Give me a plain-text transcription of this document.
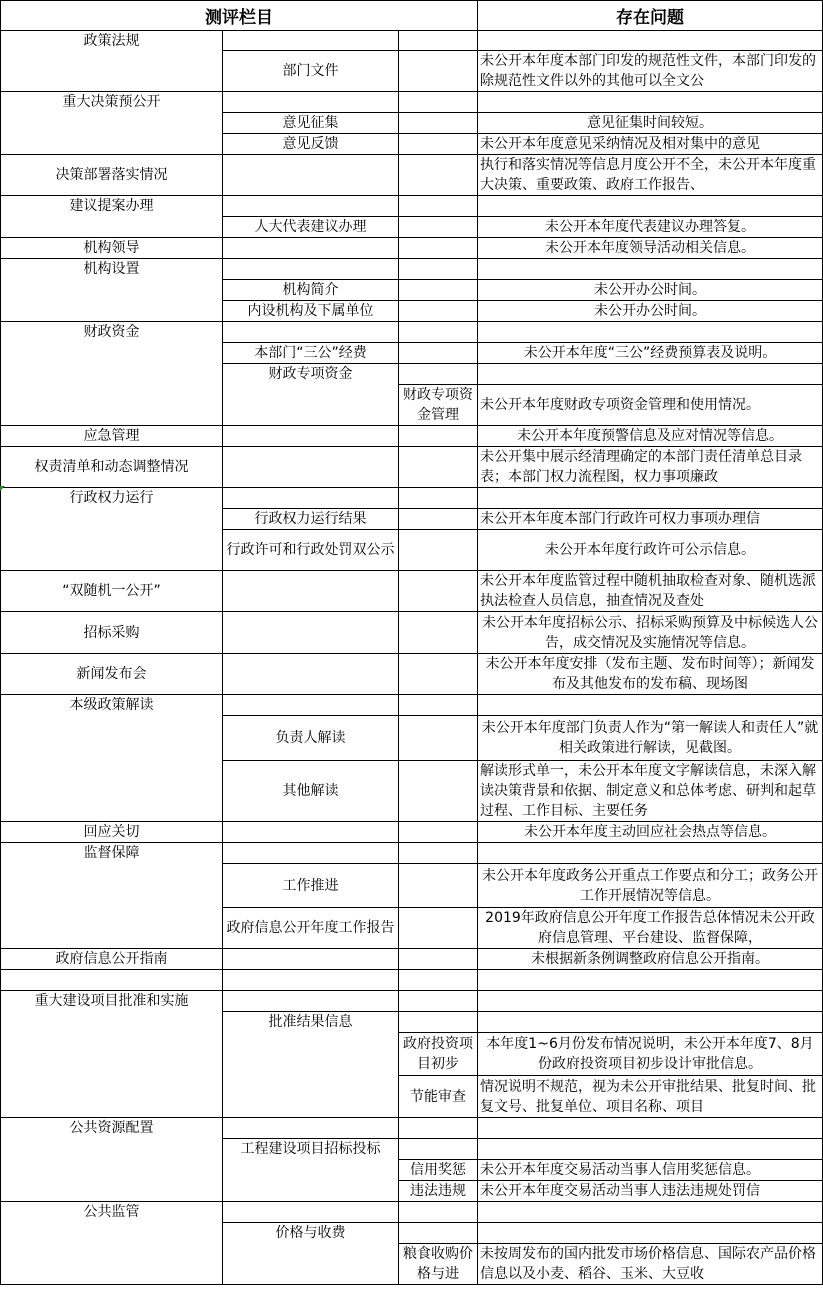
测评栏目			存在问题
政策法规			
	部门文件		未公开本年度本部门印发的规范性文件，本部门印发的除规范性文件以外的其他可以全文公
重大决策预公开			
	意见征集		意见征集时间较短。
	意见反馈		未公开本年度意见采纳情况及相对集中的意见
决策部署落实情况			执行和落实情况等信息月度公开不全，未公开本年度重大决策、重要政策、政府工作报告、
建议提案办理			
	人大代表建议办理		未公开本年度代表建议办理答复。
机构领导			未公开本年度领导活动相关信息。
机构设置			
	机构简介		未公开办公时间。
	内设机构及下属单位		未公开办公时间。
财政资金			
	本部门“三公”经费		未公开本年度“三公”经费预算表及说明。
	财政专项资金		
		财政专项资金管理	未公开本年度财政专项资金管理和使用情况。
应急管理			未公开本年度预警信息及应对情况等信息。
权责清单和动态调整情况			未公开集中展示经清理确定的本部门责任清单总目录表；本部门权力流程图，权力事项廉政
行政权力运行			
	行政权力运行结果		未公开本年度本部门行政许可权力事项办理信
	行政许可和行政处罚双公示		未公开本年度行政许可公示信息。
“双随机一公开”			未公开本年度监管过程中随机抽取检查对象、随机选派执法检查人员信息，抽查情况及查处
招标采购			未公开本年度招标公示、招标采购预算及中标候选人公告，成交情况及实施情况等信息。
新闻发布会			未公开本年度安排（发布主题、发布时间等）；新闻发布及其他发布的发布稿、现场图
本级政策解读			
	负责人解读		未公开本年度部门负责人作为“第一解读人和责任人”就相关政策进行解读，见截图。
	其他解读		解读形式单一，未公开本年度文字解读信息，未深入解读决策背景和依据、制定意义和总体考虑、研判和起草过程、工作目标、主要任务
回应关切			未公开本年度主动回应社会热点等信息。
监督保障			
	工作推进		未公开本年度政务公开重点工作要点和分工；政务公开工作开展情况等信息。
	政府信息公开年度工作报告		2019年政府信息公开年度工作报告总体情况未公开政府信息管理、平台建设、监督保障，
政府信息公开指南			未根据新条例调整政府信息公开指南。

重大建设项目批准和实施			
	批准结果信息		
		政府投资项目初步	本年度1~6月份发布情况说明，未公开本年度7、8月份政府投资项目初步设计审批信息。
		节能审查	情况说明不规范，视为未公开审批结果、批复时间、批复文号、批复单位、项目名称、项目
公共资源配置			
	工程建设项目招标投标		
		信用奖惩	未公开本年度交易活动当事人信用奖惩信息。
		违法违规	未公开本年度交易活动当事人违法违规处罚信
公共监管			
	价格与收费		
		粮食收购价格与进	未按周发布的国内批发市场价格信息、国际农产品价格信息以及小麦、稻谷、玉米、大豆收
